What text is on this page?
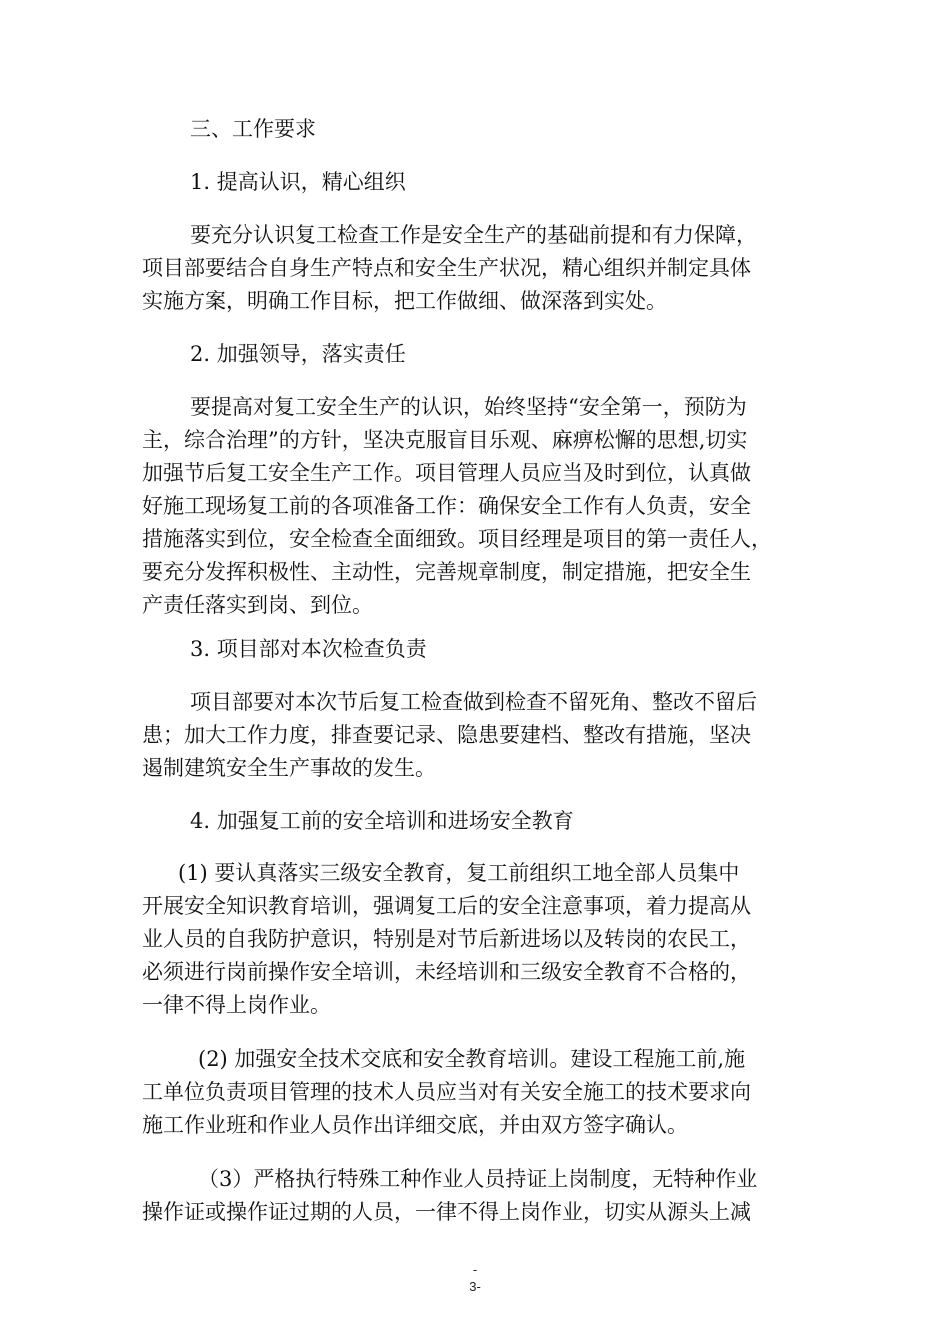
三、工作要求
1. 提高认识，精心组织
要充分认识复工检查工作是安全生产的基础前提和有力保障，
项目部要结合自身生产特点和安全生产状况，精心组织并制定具体
实施方案，明确工作目标，把工作做细、做深落到实处。
2. 加强领导，落实责任
要提高对复工安全生产的认识，始终坚持“安全第一，预防为
主，综合治理”的方针，坚决克服盲目乐观、麻痹松懈的思想,切实
加强节后复工安全生产工作。项目管理人员应当及时到位，认真做
好施工现场复工前的各项准备工作：确保安全工作有人负责，安全
措施落实到位，安全检查全面细致。项目经理是项目的第一责任人，
要充分发挥积极性、主动性，完善规章制度，制定措施，把安全生
产责任落实到岗、到位。
3. 项目部对本次检查负责
项目部要对本次节后复工检查做到检查不留死角、整改不留后
患；加大工作力度，排查要记录、隐患要建档、整改有措施，坚决
遏制建筑安全生产事故的发生。
4. 加强复工前的安全培训和进场安全教育
(1) 要认真落实三级安全教育，复工前组织工地全部人员集中
开展安全知识教育培训，强调复工后的安全注意事项，着力提高从
业人员的自我防护意识，特别是对节后新进场以及转岗的农民工，
必须进行岗前操作安全培训，未经培训和三级安全教育不合格的，
一律不得上岗作业。
(2) 加强安全技术交底和安全教育培训。建设工程施工前,施
工单位负责项目管理的技术人员应当对有关安全施工的技术要求向
施工作业班和作业人员作出详细交底，并由双方签字确认。
（3）严格执行特殊工种作业人员持证上岗制度，无特种作业
操作证或操作证过期的人员，一律不得上岗作业，切实从源头上减
-
3-
